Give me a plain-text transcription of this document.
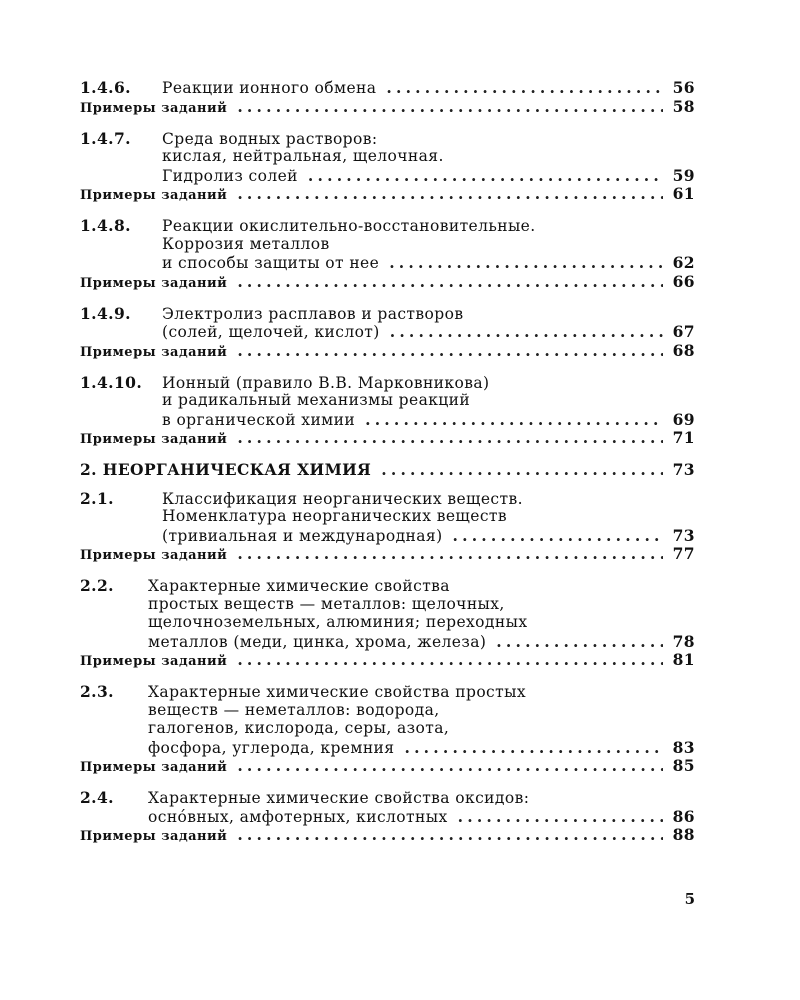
1.4.6.	Реакции ионного обмена .....	56
Примеры заданий .....	58
1.4.7.	Среда водных растворов:
кислая, нейтральная, щелочная.
Гидролиз солей .....	59
Примеры заданий .....	61
1.4.8.	Реакции окислительно-восстановительные.
Коррозия металлов
и способы защиты от нее .....	62
Примеры заданий .....	66
1.4.9.	Электролиз расплавов и растворов
(солей, щелочей, кислот) .....	67
Примеры заданий .....	68
1.4.10.	Ионный (правило В.В. Марковникова)
и радикальный механизмы реакций
в органической химии .....	69
Примеры заданий .....	71
2. НЕОРГАНИЧЕСКАЯ ХИМИЯ .....	73
2.1.	Классификация неорганических веществ.
Номенклатура неорганических веществ
(тривиальная и международная) .....	73
Примеры заданий .....	77
2.2.	Характерные химические свойства
простых веществ — металлов: щелочных,
щелочноземельных, алюминия; переходных
металлов (меди, цинка, хрома, железа) .....	78
Примеры заданий .....	81
2.3.	Характерные химические свойства простых
веществ — неметаллов: водорода,
галогенов, кислорода, серы, азота,
фосфора, углерода, кремния .....	83
Примеры заданий .....	85
2.4.	Характерные химические свойства оксидов:
осно́вных, амфотерных, кислотных .....	86
Примеры заданий .....	88
5
